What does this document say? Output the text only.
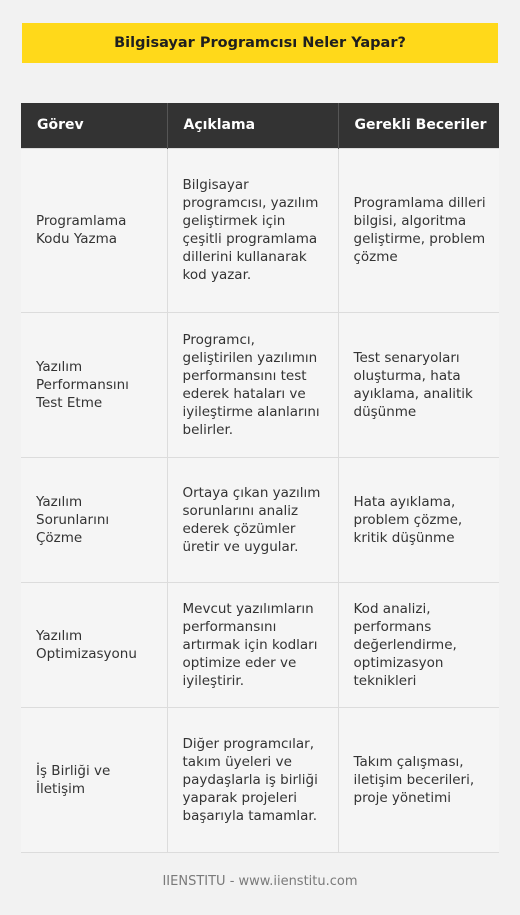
Bilgisayar Programcısı Neler Yapar?
Görev	Açıklama	Gerekli Beceriler
Programlama Kodu Yazma	Bilgisayar programcısı, yazılım geliştirmek için çeşitli programlama dillerini kullanarak kod yazar.	Programlama dilleri bilgisi, algoritma geliştirme, problem çözme
Yazılım Performansını Test Etme	Programcı, geliştirilen yazılımın performansını test ederek hataları ve iyileştirme alanlarını belirler.	Test senaryoları oluşturma, hata ayıklama, analitik düşünme
Yazılım Sorunlarını Çözme	Ortaya çıkan yazılım sorunlarını analiz ederek çözümler üretir ve uygular.	Hata ayıklama, problem çözme, kritik düşünme
Yazılım Optimizasyonu	Mevcut yazılımların performansını artırmak için kodları optimize eder ve iyileştirir.	Kod analizi, performans değerlendirme, optimizasyon teknikleri
İş Birliği ve İletişim	Diğer programcılar, takım üyeleri ve paydaşlarla iş birliği yaparak projeleri başarıyla tamamlar.	Takım çalışması, iletişim becerileri, proje yönetimi
IIENSTITU - www.iienstitu.com
